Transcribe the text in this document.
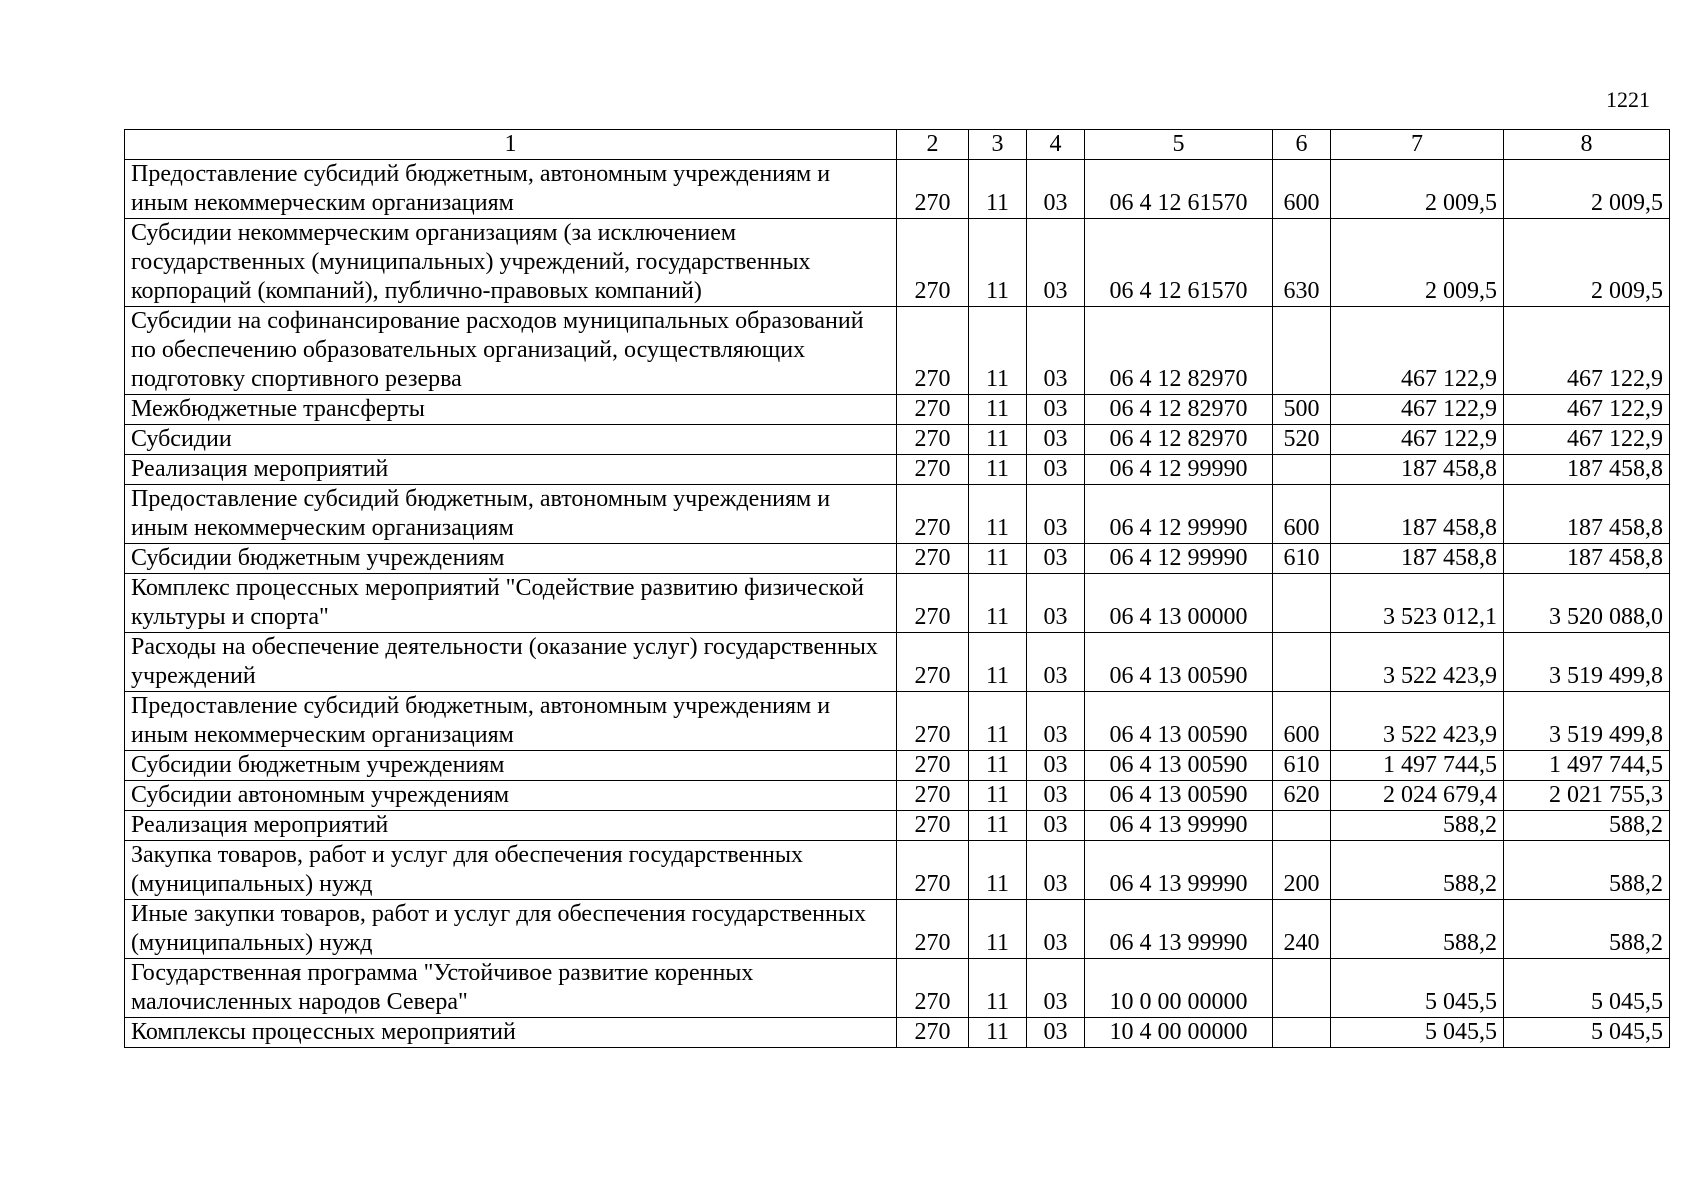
1221
1	2	3	4	5	6	7	8
Предоставление субсидий бюджетным, автономным учреждениям и иным некоммерческим организациям	270	11	03	06 4 12 61570	600	2 009,5	2 009,5
Субсидии некоммерческим организациям (за исключением государственных (муниципальных) учреждений, государственных корпораций (компаний), публично-правовых компаний)	270	11	03	06 4 12 61570	630	2 009,5	2 009,5
Субсидии на софинансирование расходов муниципальных образований по обеспечению образовательных организаций, осуществляющих подготовку спортивного резерва	270	11	03	06 4 12 82970		467 122,9	467 122,9
Межбюджетные трансферты	270	11	03	06 4 12 82970	500	467 122,9	467 122,9
Субсидии	270	11	03	06 4 12 82970	520	467 122,9	467 122,9
Реализация мероприятий	270	11	03	06 4 12 99990		187 458,8	187 458,8
Предоставление субсидий бюджетным, автономным учреждениям и иным некоммерческим организациям	270	11	03	06 4 12 99990	600	187 458,8	187 458,8
Субсидии бюджетным учреждениям	270	11	03	06 4 12 99990	610	187 458,8	187 458,8
Комплекс процессных мероприятий "Содействие развитию физической культуры и спорта"	270	11	03	06 4 13 00000		3 523 012,1	3 520 088,0
Расходы на обеспечение деятельности (оказание услуг) государственных учреждений	270	11	03	06 4 13 00590		3 522 423,9	3 519 499,8
Предоставление субсидий бюджетным, автономным учреждениям и иным некоммерческим организациям	270	11	03	06 4 13 00590	600	3 522 423,9	3 519 499,8
Субсидии бюджетным учреждениям	270	11	03	06 4 13 00590	610	1 497 744,5	1 497 744,5
Субсидии автономным учреждениям	270	11	03	06 4 13 00590	620	2 024 679,4	2 021 755,3
Реализация мероприятий	270	11	03	06 4 13 99990		588,2	588,2
Закупка товаров, работ и услуг для обеспечения государственных (муниципальных) нужд	270	11	03	06 4 13 99990	200	588,2	588,2
Иные закупки товаров, работ и услуг для обеспечения государственных (муниципальных) нужд	270	11	03	06 4 13 99990	240	588,2	588,2
Государственная программа "Устойчивое развитие коренных малочисленных народов Севера"	270	11	03	10 0 00 00000		5 045,5	5 045,5
Комплексы процессных мероприятий	270	11	03	10 4 00 00000		5 045,5	5 045,5
